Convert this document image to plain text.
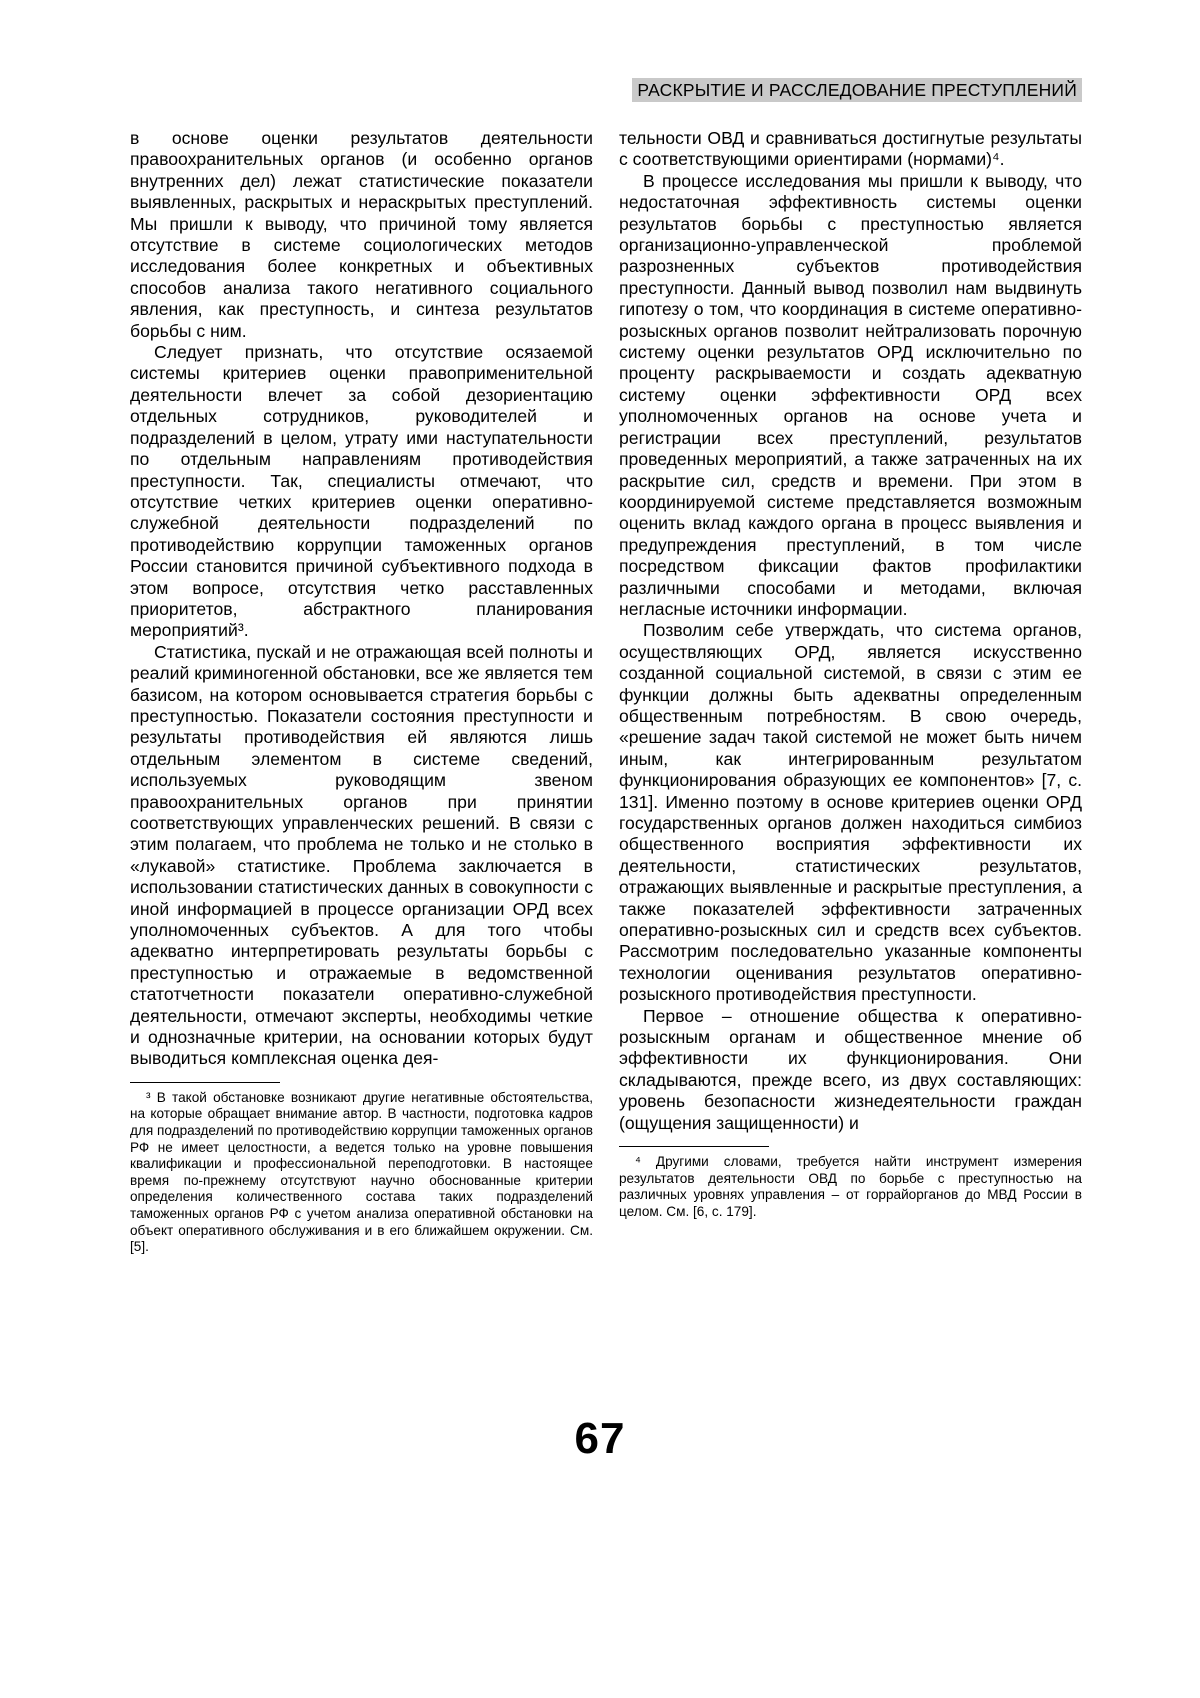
РАСКРЫТИЕ И РАССЛЕДОВАНИЕ ПРЕСТУПЛЕНИЙ

в основе оценки результатов деятельности правоохранительных органов (и особенно органов внутренних дел) лежат статистические показатели выявленных, раскрытых и нераскрытых преступлений. Мы пришли к выводу, что причиной тому является отсутствие в системе социологических методов исследования более конкретных и объективных способов анализа такого негативного социального явления, как преступность, и синтеза результатов борьбы с ним.

Следует признать, что отсутствие осязаемой системы критериев оценки правоприменительной деятельности влечет за собой дезориентацию отдельных сотрудников, руководителей и подразделений в целом, утрату ими наступательности по отдельным направлениям противодействия преступности. Так, специалисты отмечают, что отсутствие четких критериев оценки оперативно-служебной деятельности подразделений по противодействию коррупции таможенных органов России становится причиной субъективного подхода в этом вопросе, отсутствия четко расставленных приоритетов, абстрактного планирования мероприятий³.

Статистика, пускай и не отражающая всей полноты и реалий криминогенной обстановки, все же является тем базисом, на котором основывается стратегия борьбы с преступностью. Показатели состояния преступности и результаты противодействия ей являются лишь отдельным элементом в системе сведений, используемых руководящим звеном правоохранительных органов при принятии соответствующих управленческих решений. В связи с этим полагаем, что проблема не только и не столько в «лукавой» статистике. Проблема заключается в использовании статистических данных в совокупности с иной информацией в процессе организации ОРД всех уполномоченных субъектов. А для того чтобы адекватно интерпретировать результаты борьбы с преступностью и отражаемые в ведомственной статотчетности показатели оперативно-служебной деятельности, отмечают эксперты, необходимы четкие и однозначные критерии, на основании которых будут выводиться комплексная оценка дея-

³ В такой обстановке возникают другие негативные обстоятельства, на которые обращает внимание автор. В частности, подготовка кадров для подразделений по противодействию коррупции таможенных органов РФ не имеет целостности, а ведется только на уровне повышения квалификации и профессиональной переподготовки. В настоящее время по-прежнему отсутствуют научно обоснованные критерии определения количественного состава таких подразделений таможенных органов РФ с учетом анализа оперативной обстановки на объект оперативного обслуживания и в его ближайшем окружении. См. [5].

тельности ОВД и сравниваться достигнутые результаты с соответствующими ориентирами (нормами)⁴.

В процессе исследования мы пришли к выводу, что недостаточная эффективность системы оценки результатов борьбы с преступностью является организационно-управленческой проблемой разрозненных субъектов противодействия преступности. Данный вывод позволил нам выдвинуть гипотезу о том, что координация в системе оперативно-розыскных органов позволит нейтрализовать порочную систему оценки результатов ОРД исключительно по проценту раскрываемости и создать адекватную систему оценки эффективности ОРД всех уполномоченных органов на основе учета и регистрации всех преступлений, результатов проведенных мероприятий, а также затраченных на их раскрытие сил, средств и времени. При этом в координируемой системе представляется возможным оценить вклад каждого органа в процесс выявления и предупреждения преступлений, в том числе посредством фиксации фактов профилактики различными способами и методами, включая негласные источники информации.

Позволим себе утверждать, что система органов, осуществляющих ОРД, является искусственно созданной социальной системой, в связи с этим ее функции должны быть адекватны определенным общественным потребностям. В свою очередь, «решение задач такой системой не может быть ничем иным, как интегрированным результатом функционирования образующих ее компонентов» [7, с. 131]. Именно поэтому в основе критериев оценки ОРД государственных органов должен находиться симбиоз общественного восприятия эффективности их деятельности, статистических результатов, отражающих выявленные и раскрытые преступления, а также показателей эффективности затраченных оперативно-розыскных сил и средств всех субъектов. Рассмотрим последовательно указанные компоненты технологии оценивания результатов оперативно-розыскного противодействия преступности.

Первое – отношение общества к оперативно-розыскным органам и общественное мнение об эффективности их функционирования. Они складываются, прежде всего, из двух составляющих: уровень безопасности жизнедеятельности граждан (ощущения защищенности) и

⁴ Другими словами, требуется найти инструмент измерения результатов деятельности ОВД по борьбе с преступностью на различных уровнях управления – от горрайорганов до МВД России в целом. См. [6, с. 179].

67
